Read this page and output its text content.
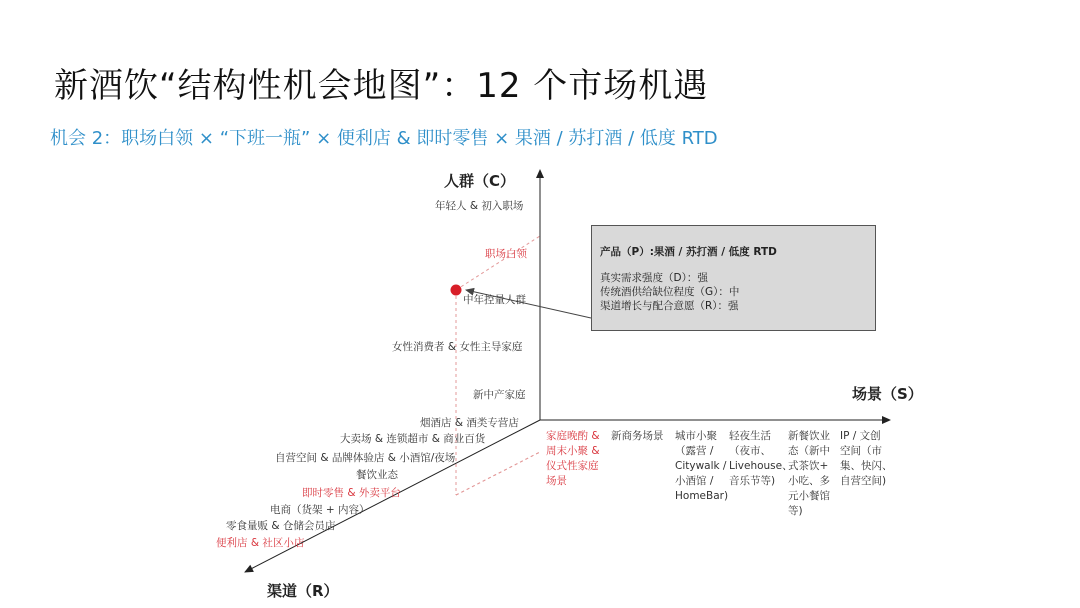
新酒饮“结构性机会地图”：12 个市场机遇
机会 2：职场白领 × “下班一瓶” × 便利店 & 即时零售 × 果酒 / 苏打酒 / 低度 RTD
人群（C）
场景（S）
渠道（R）
年轻人 & 初入职场
职场白领
中年控量人群
女性消费者 & 女性主导家庭
新中产家庭
烟酒店 & 酒类专营店
大卖场 & 连锁超市 & 商业百货
自营空间 & 品牌体验店 & 小酒馆/夜场
餐饮业态
即时零售 & 外卖平台
电商（货架 + 内容）
零食量贩 & 仓储会员店
便利店 & 社区小店
家庭晚酌 &
周末小聚 &
仪式性家庭
场景
新商务场景 城市小聚
（露营 /
Citywalk /
小酒馆 /
HomeBar)
轻夜生活
（夜市、
Livehouse、
音乐节等)
新餐饮业
态（新中
式茶饮+
小吃、多
元小餐馆
等)
IP / 文创
空间（市
集、快闪、
自营空间)
产品（P）:果酒 / 苏打酒 / 低度 RTD
真实需求强度（D）：强
传统酒供给缺位程度（G）：中
渠道增长与配合意愿（R）：强
